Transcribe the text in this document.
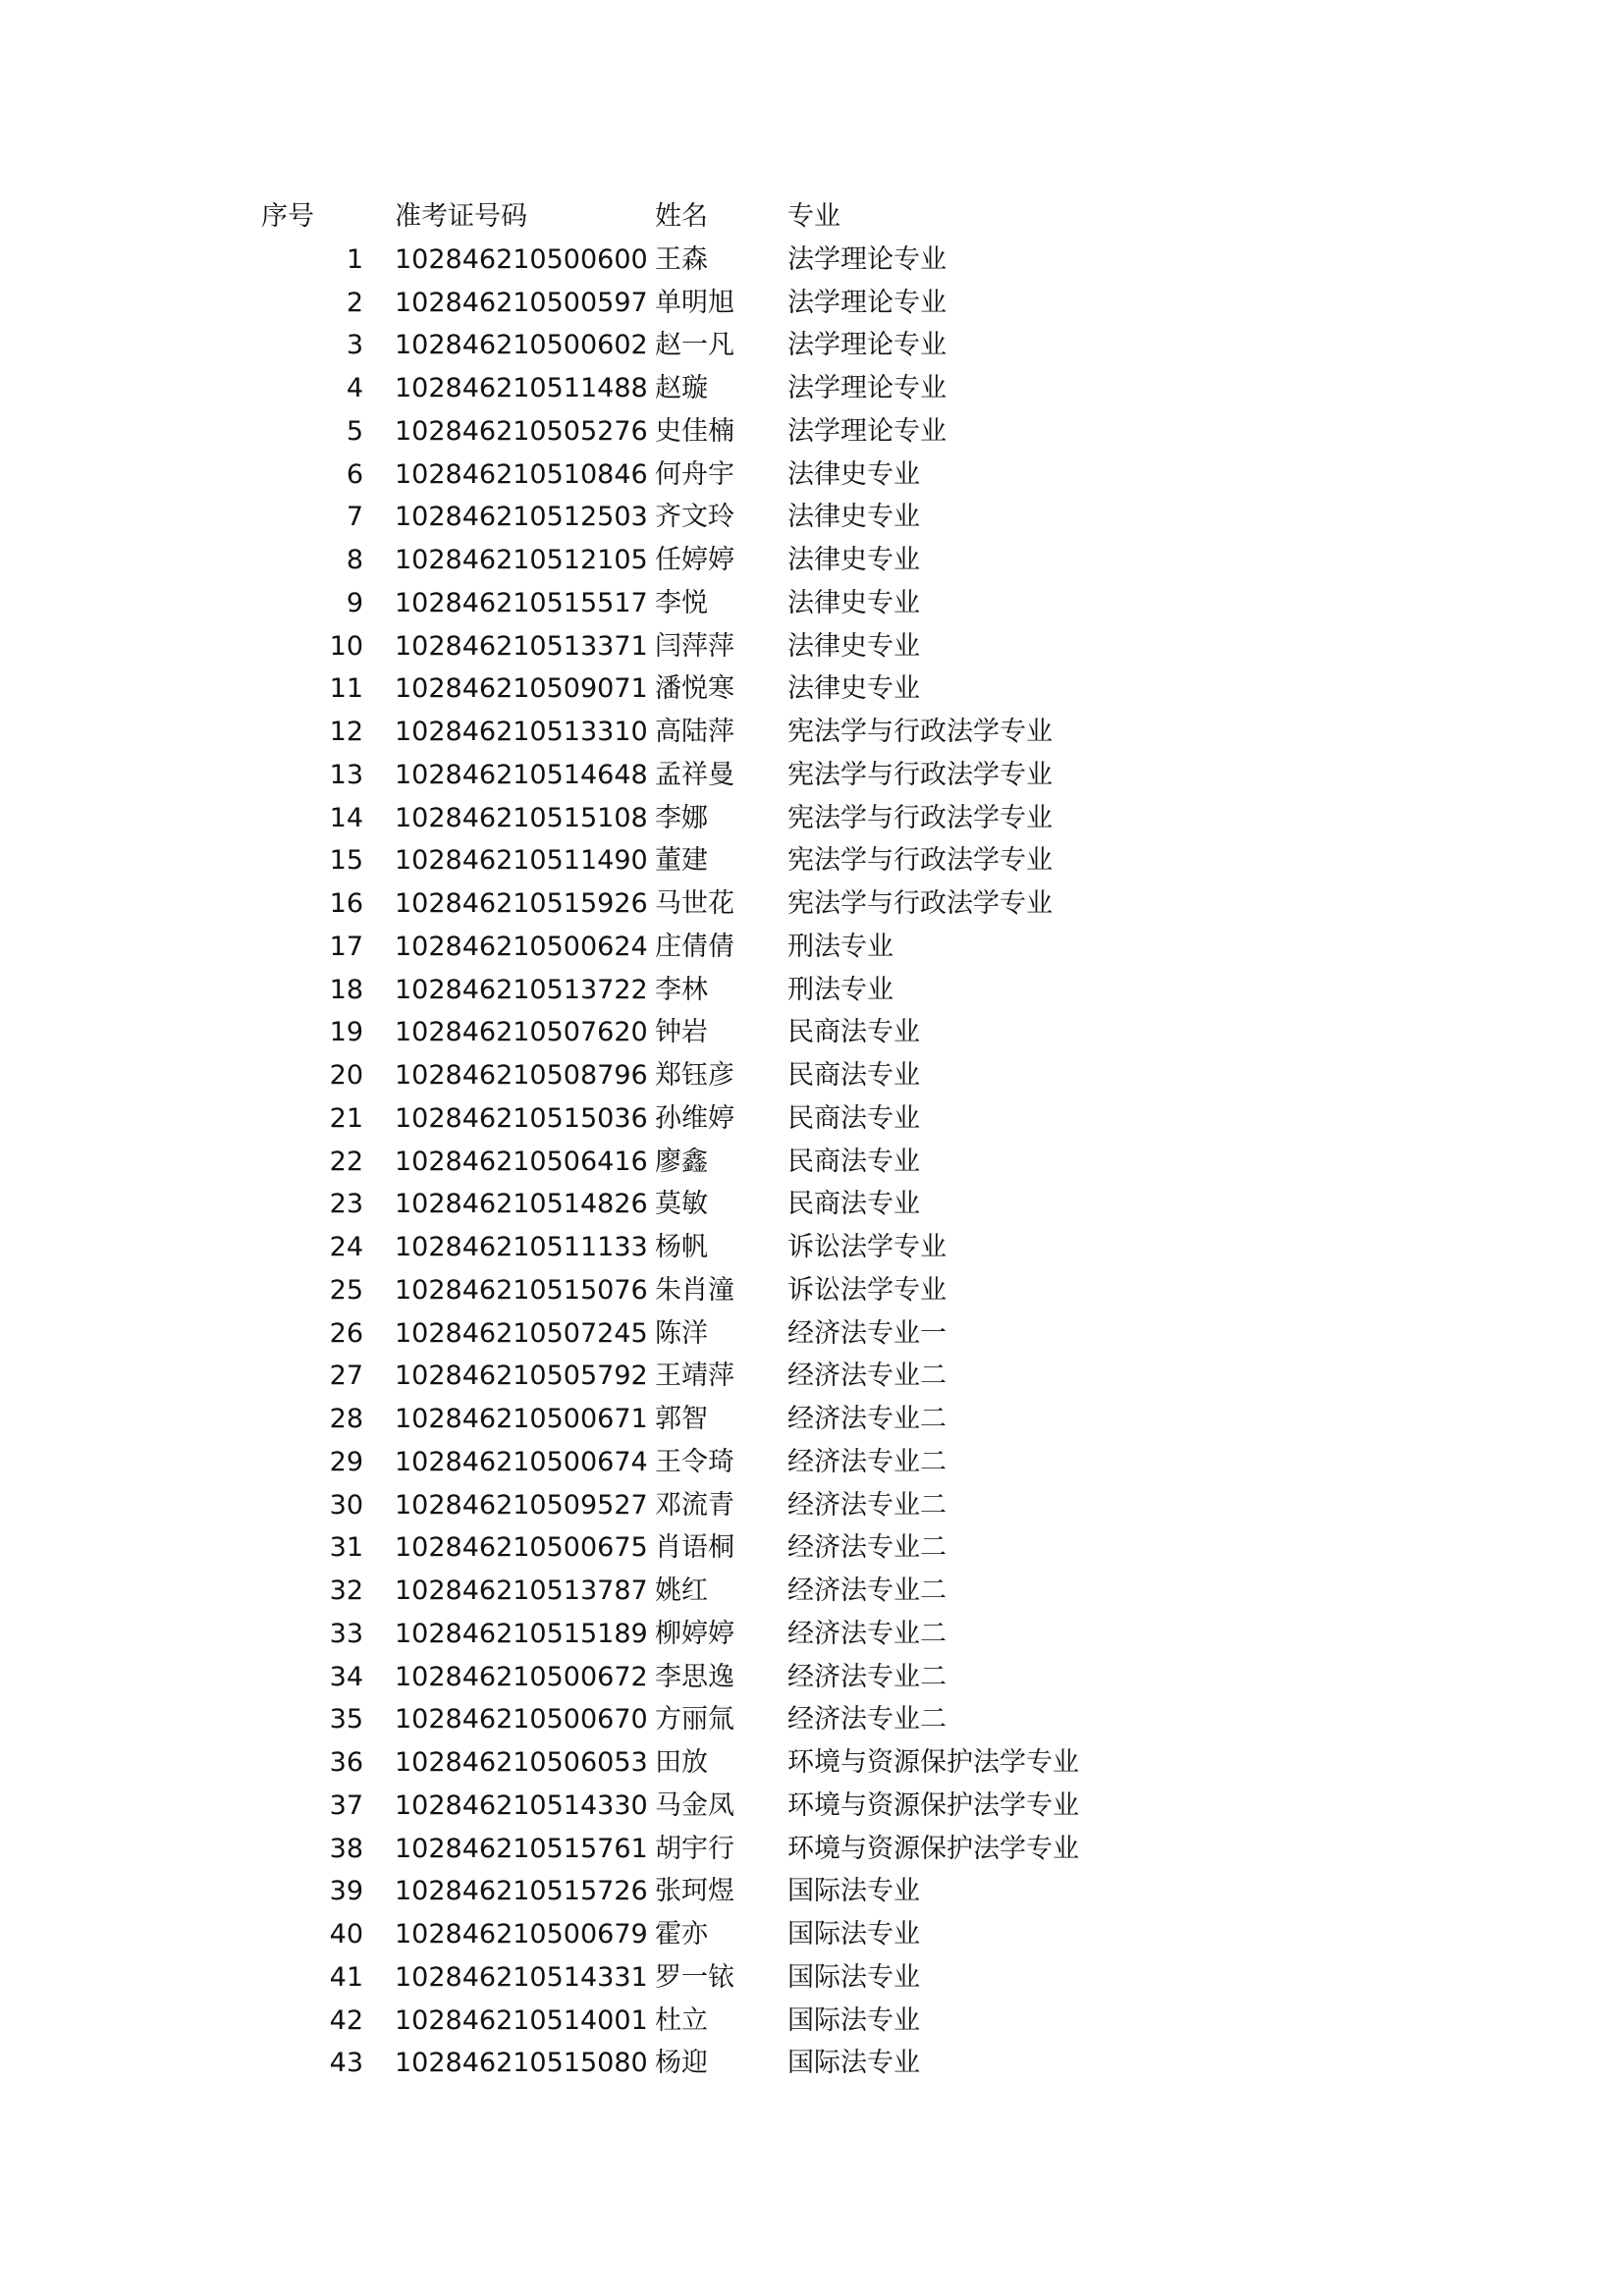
序号	准考证号码	姓名	专业
1 102846210500600 王森	法学理论专业
2 102846210500597 单明旭 法学理论专业
3 102846210500602 赵一凡 法学理论专业
4 102846210511488 赵璇	法学理论专业
5 102846210505276 史佳楠 法学理论专业
6 102846210510846 何舟宇 法律史专业
7 102846210512503 齐文玲 法律史专业
8 102846210512105 任婷婷 法律史专业
9 102846210515517 李悦	法律史专业
10 102846210513371 闫萍萍 法律史专业
11 102846210509071 潘悦寒 法律史专业
12 102846210513310 高陆萍 宪法学与行政法学专业
13 102846210514648 孟祥曼 宪法学与行政法学专业
14 102846210515108 李娜	宪法学与行政法学专业
15 102846210511490 董建	宪法学与行政法学专业
16 102846210515926 马世花 宪法学与行政法学专业
17 102846210500624 庄倩倩 刑法专业
18 102846210513722 李林	刑法专业
19 102846210507620 钟岩	民商法专业
20 102846210508796 郑钰彦 民商法专业
21 102846210515036 孙维婷 民商法专业
22 102846210506416 廖鑫	民商法专业
23 102846210514826 莫敏	民商法专业
24 102846210511133 杨帆	诉讼法学专业
25 102846210515076 朱肖潼 诉讼法学专业
26 102846210507245 陈洋	经济法专业一
27 102846210505792 王靖萍 经济法专业二
28 102846210500671 郭智	经济法专业二
29 102846210500674 王令琦 经济法专业二
30 102846210509527 邓流青 经济法专业二
31 102846210500675 肖语桐 经济法专业二
32 102846210513787 姚红	经济法专业二
33 102846210515189 柳婷婷 经济法专业二
34 102846210500672 李思逸 经济法专业二
35 102846210500670 方丽氚 经济法专业二
36 102846210506053 田放	环境与资源保护法学专业
37 102846210514330 马金凤 环境与资源保护法学专业
38 102846210515761 胡宇行 环境与资源保护法学专业
39 102846210515726 张珂煜 国际法专业
40 102846210500679 霍亦	国际法专业
41 102846210514331 罗一铱 国际法专业
42 102846210514001 杜立	国际法专业
43 102846210515080 杨迎	国际法专业
